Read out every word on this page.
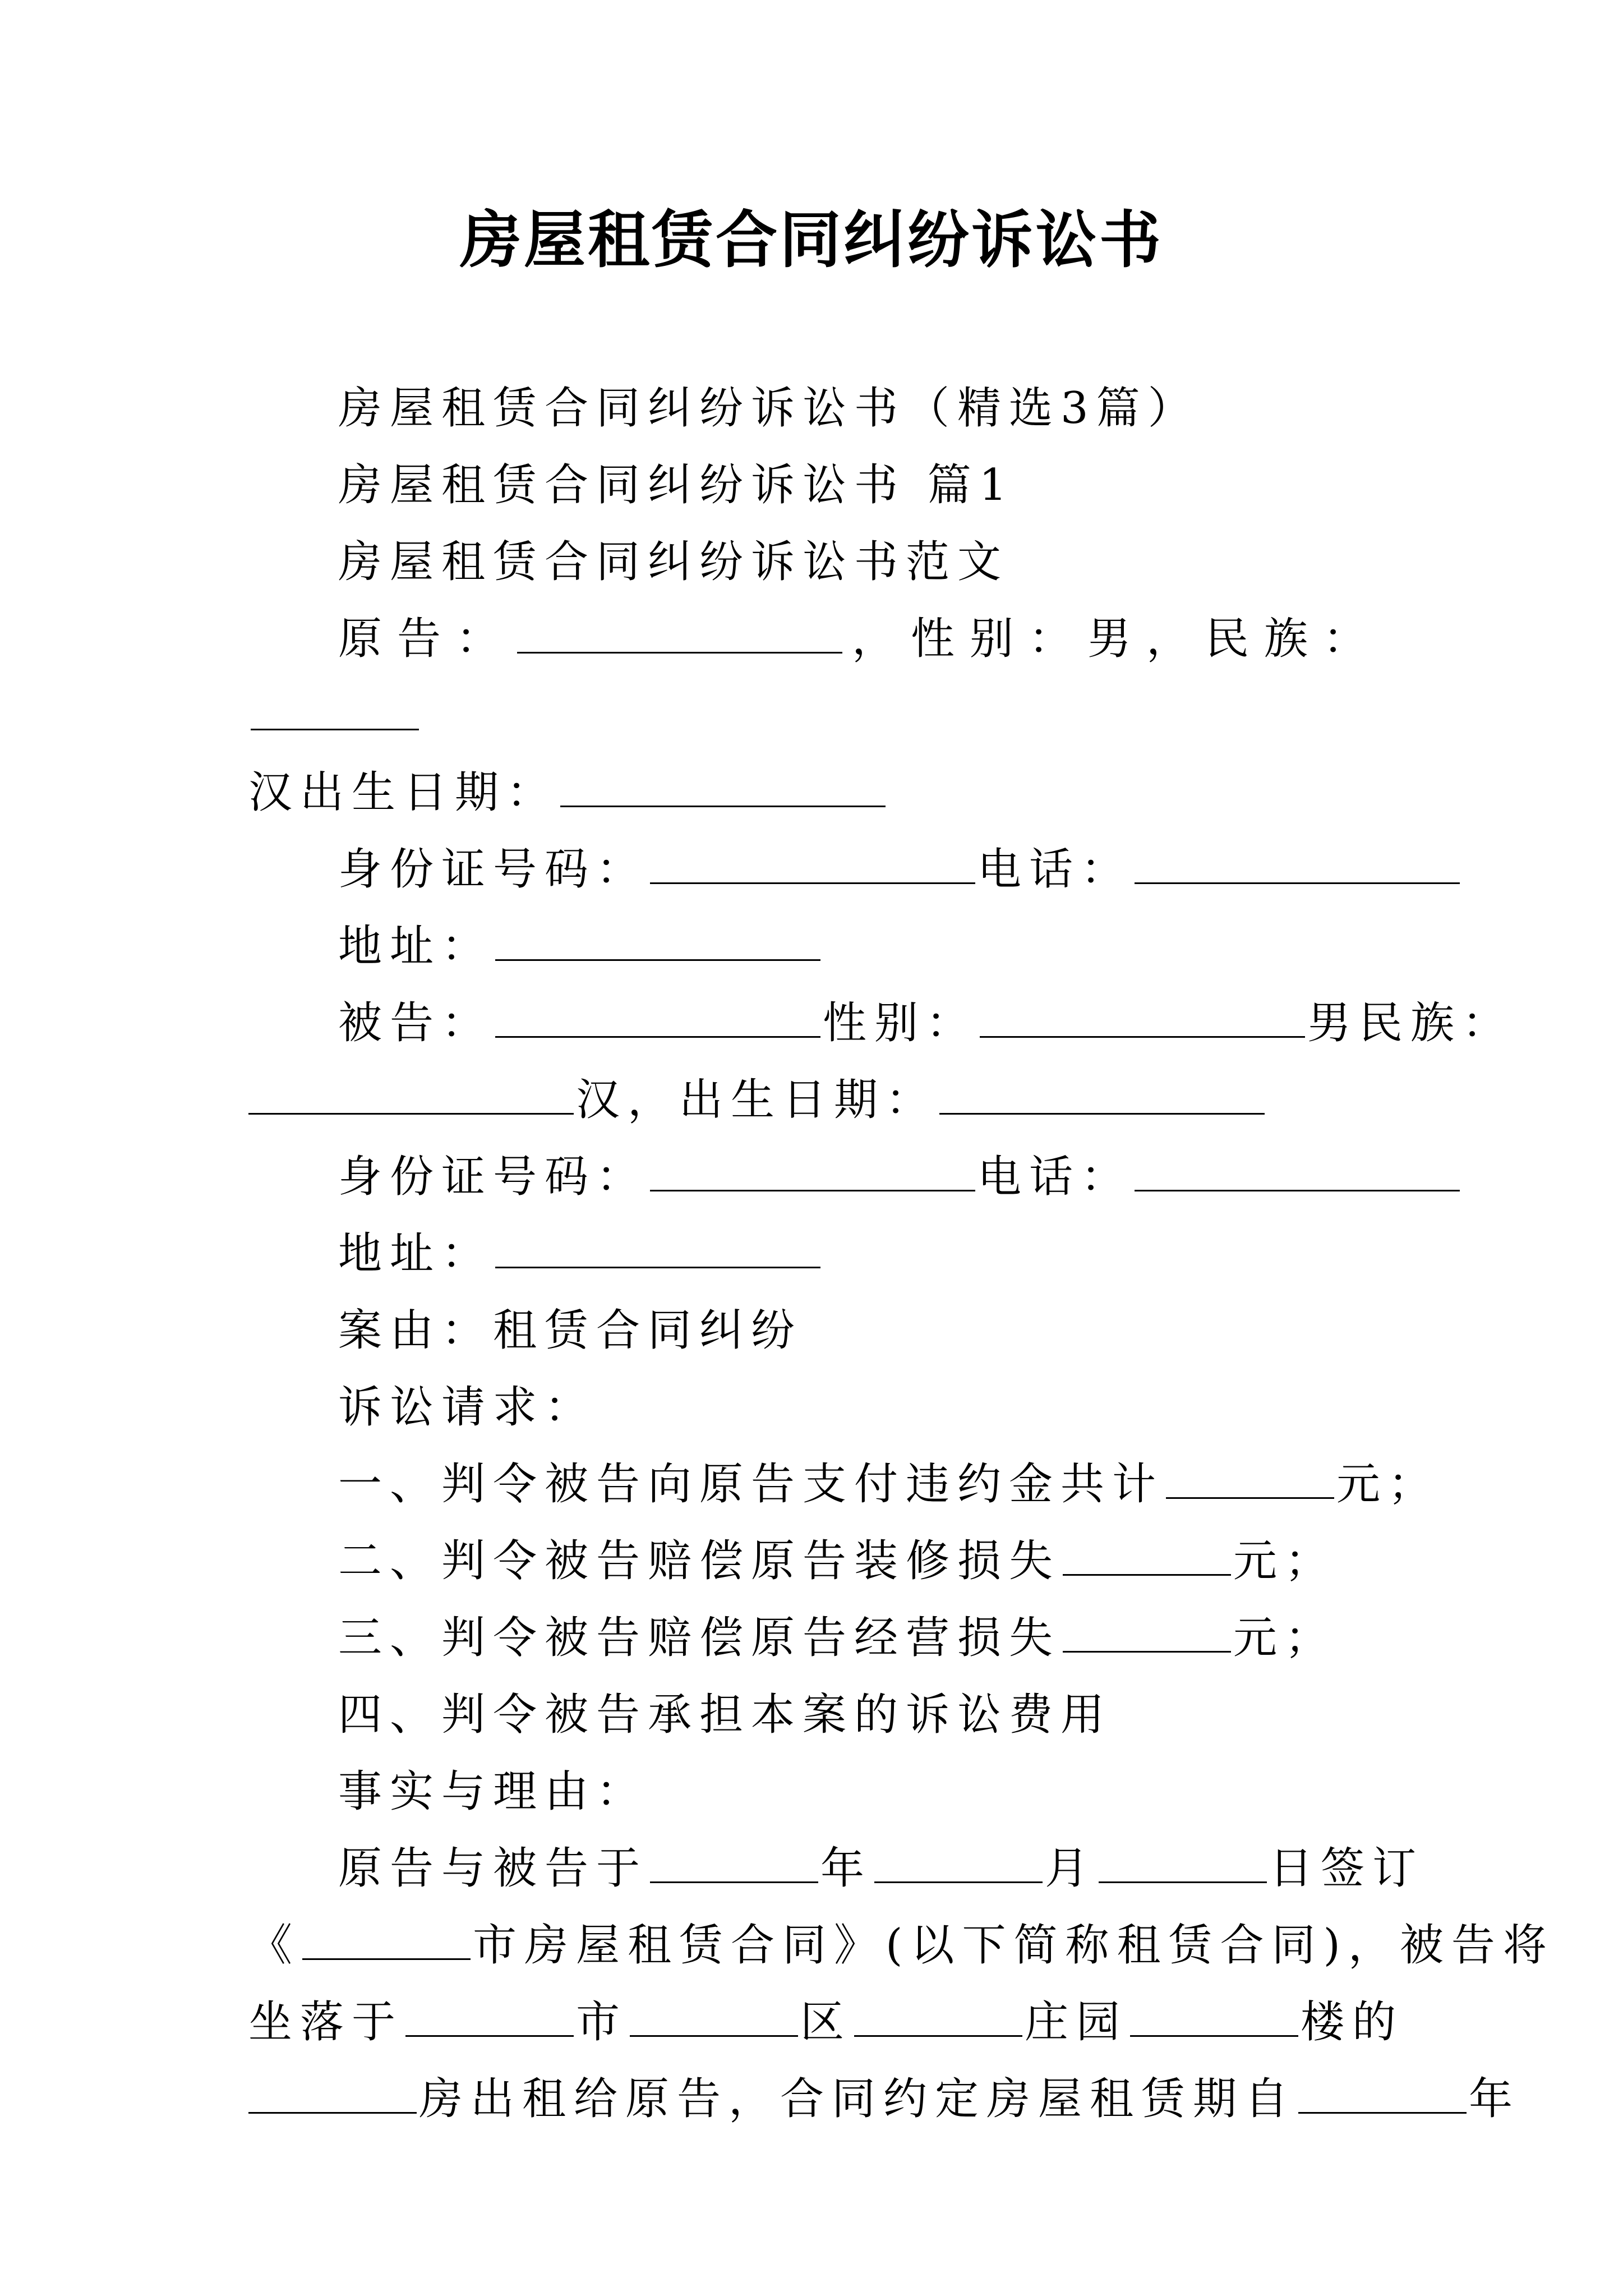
房屋租赁合同纠纷诉讼书

房屋租赁合同纠纷诉讼书（精选3篇）

房屋租赁合同纠纷诉讼书 篇1

房屋租赁合同纠纷诉讼书范文

原告：	，性别：男，民族：

汉出生日期：

身份证号码：	电话：

地址：

被告：	性别：	男民族：

汉，出生日期：

身份证号码：	电话：

地址：

案由：租赁合同纠纷

诉讼请求：

一、判令被告向原告支付违约金共计	元；

二、判令被告赔偿原告装修损失	元；

三、判令被告赔偿原告经营损失	元；

四、判令被告承担本案的诉讼费用

事实与理由：

原告与被告于	年	月	日签订

《	市房屋租赁合同》(以下简称租赁合同)，被告将

坐落于	市	区	庄园	楼的

房出租给原告，合同约定房屋租赁期自	年
